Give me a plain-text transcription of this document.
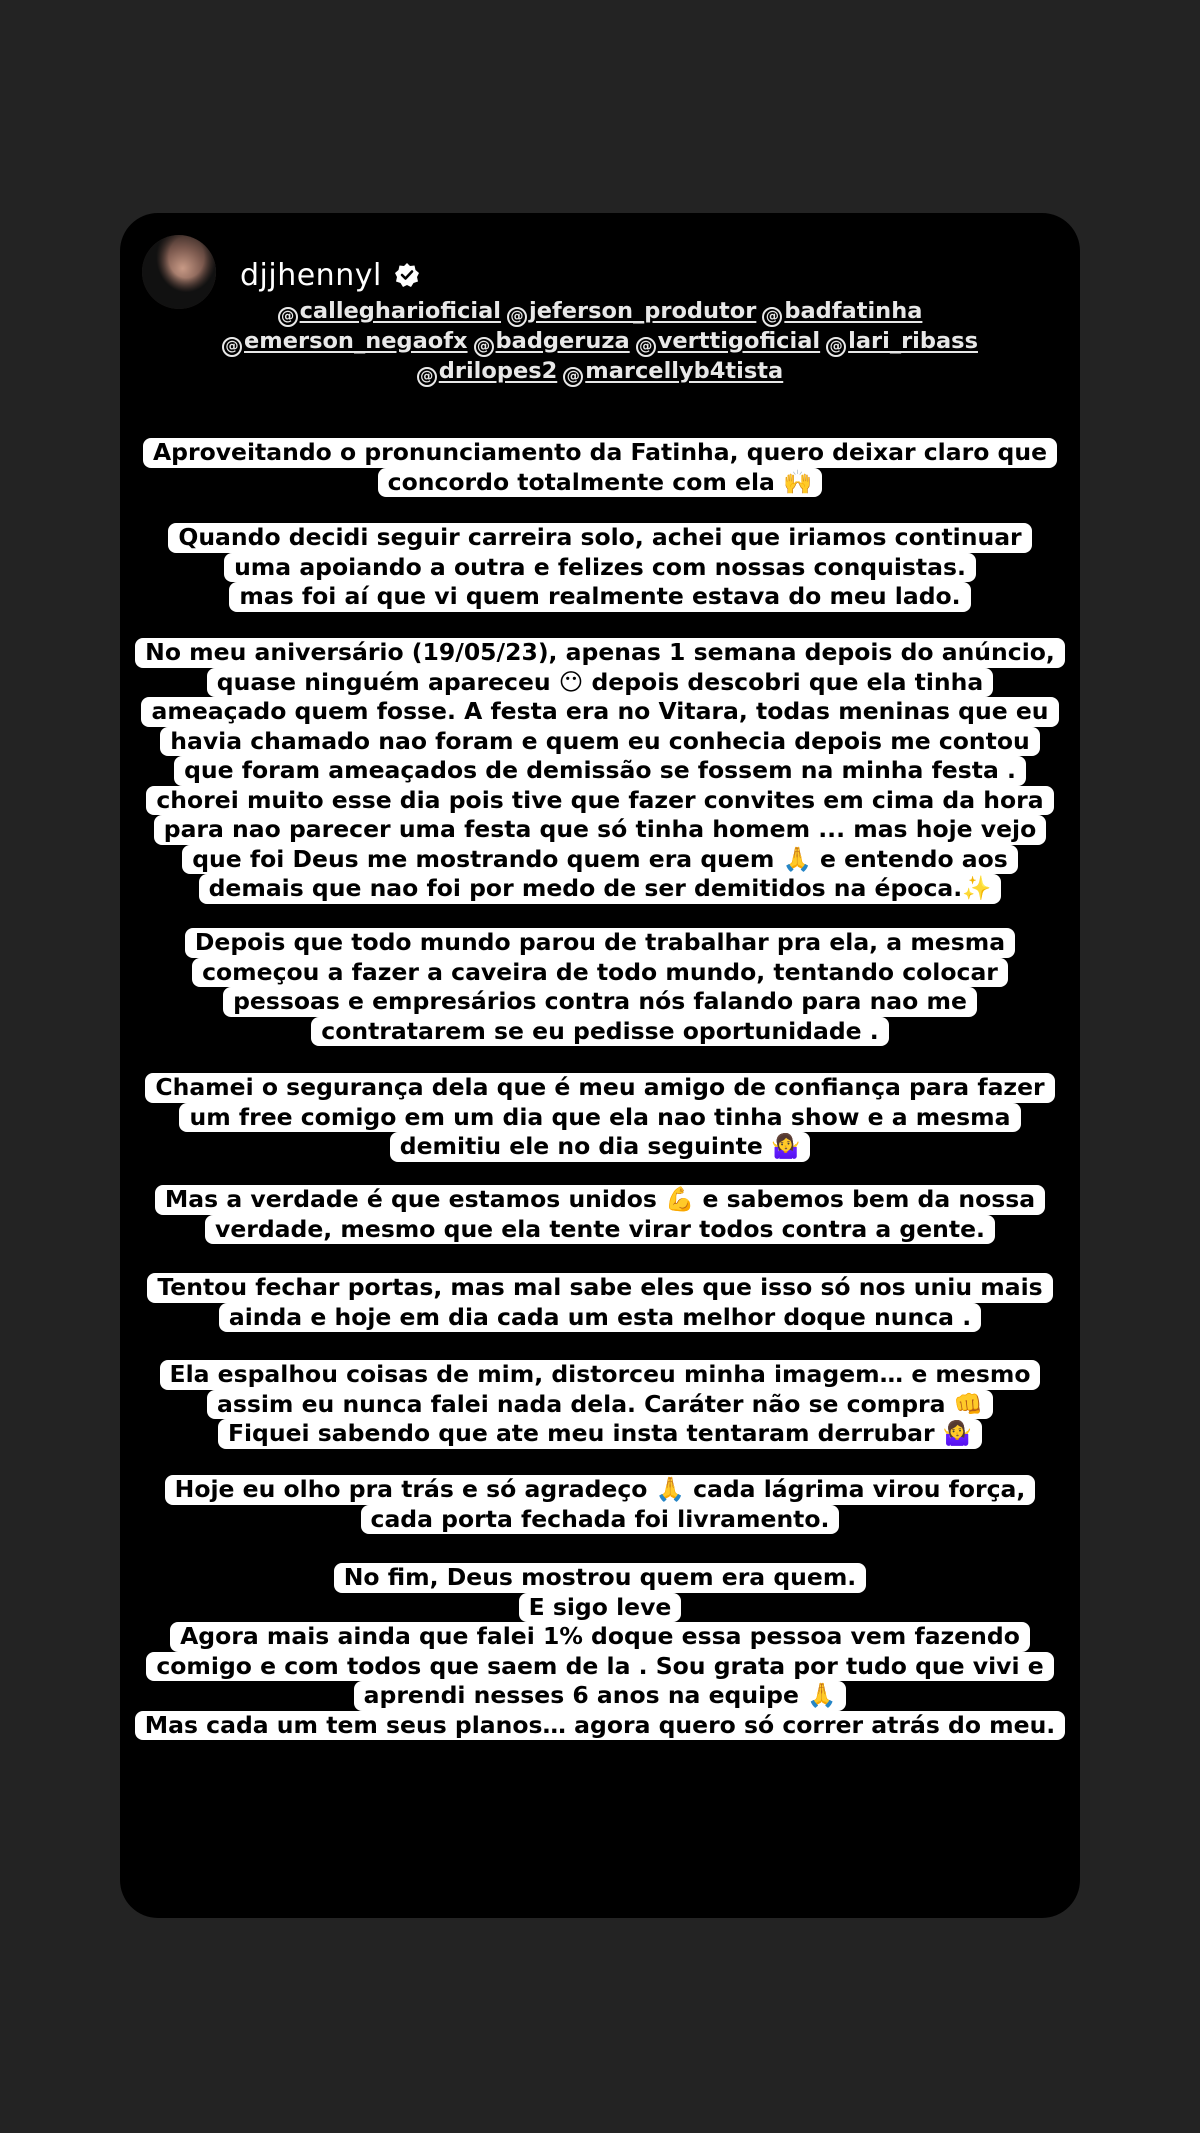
djjhennyl
@ callegharioficial @ jeferson_produtor @ badfatinha
@ emerson_negaofx @ badgeruza @ verttigoficial @ lari_ribass
@ drilopes2 @ marcellyb4tista
Aproveitando o pronunciamento da Fatinha, quero deixar claro que
concordo totalmente com ela 🙌
Quando decidi seguir carreira solo, achei que iriamos continuar
uma apoiando a outra e felizes com nossas conquistas.
mas foi aí que vi quem realmente estava do meu lado.
No meu aniversário (19/05/23), apenas 1 semana depois do anúncio,
quase ninguém apareceu 😶 depois descobri que ela tinha
ameaçado quem fosse. A festa era no Vitara, todas meninas que eu
havia chamado nao foram e quem eu conhecia depois me contou
que foram ameaçados de demissão se fossem na minha festa .
chorei muito esse dia pois tive que fazer convites em cima da hora
para nao parecer uma festa que só tinha homem ... mas hoje vejo
que foi Deus me mostrando quem era quem 🙏 e entendo aos
demais que nao foi por medo de ser demitidos na época.✨
Depois que todo mundo parou de trabalhar pra ela, a mesma
começou a fazer a caveira de todo mundo, tentando colocar
pessoas e empresários contra nós falando para nao me
contratarem se eu pedisse oportunidade .
Chamei o segurança dela que é meu amigo de confiança para fazer
um free comigo em um dia que ela nao tinha show e a mesma
demitiu ele no dia seguinte 🤷‍♀️
Mas a verdade é que estamos unidos 💪 e sabemos bem da nossa
verdade, mesmo que ela tente virar todos contra a gente.
Tentou fechar portas, mas mal sabe eles que isso só nos uniu mais
ainda e hoje em dia cada um esta melhor doque nunca .
Ela espalhou coisas de mim, distorceu minha imagem… e mesmo
assim eu nunca falei nada dela. Caráter não se compra 👊
Fiquei sabendo que ate meu insta tentaram derrubar 🤷‍♀️
Hoje eu olho pra trás e só agradeço 🙏 cada lágrima virou força,
cada porta fechada foi livramento.
No fim, Deus mostrou quem era quem.
E sigo leve
Agora mais ainda que falei 1% doque essa pessoa vem fazendo
comigo e com todos que saem de la . Sou grata por tudo que vivi e
aprendi nesses 6 anos na equipe 🙏
Mas cada um tem seus planos… agora quero só correr atrás do meu.
